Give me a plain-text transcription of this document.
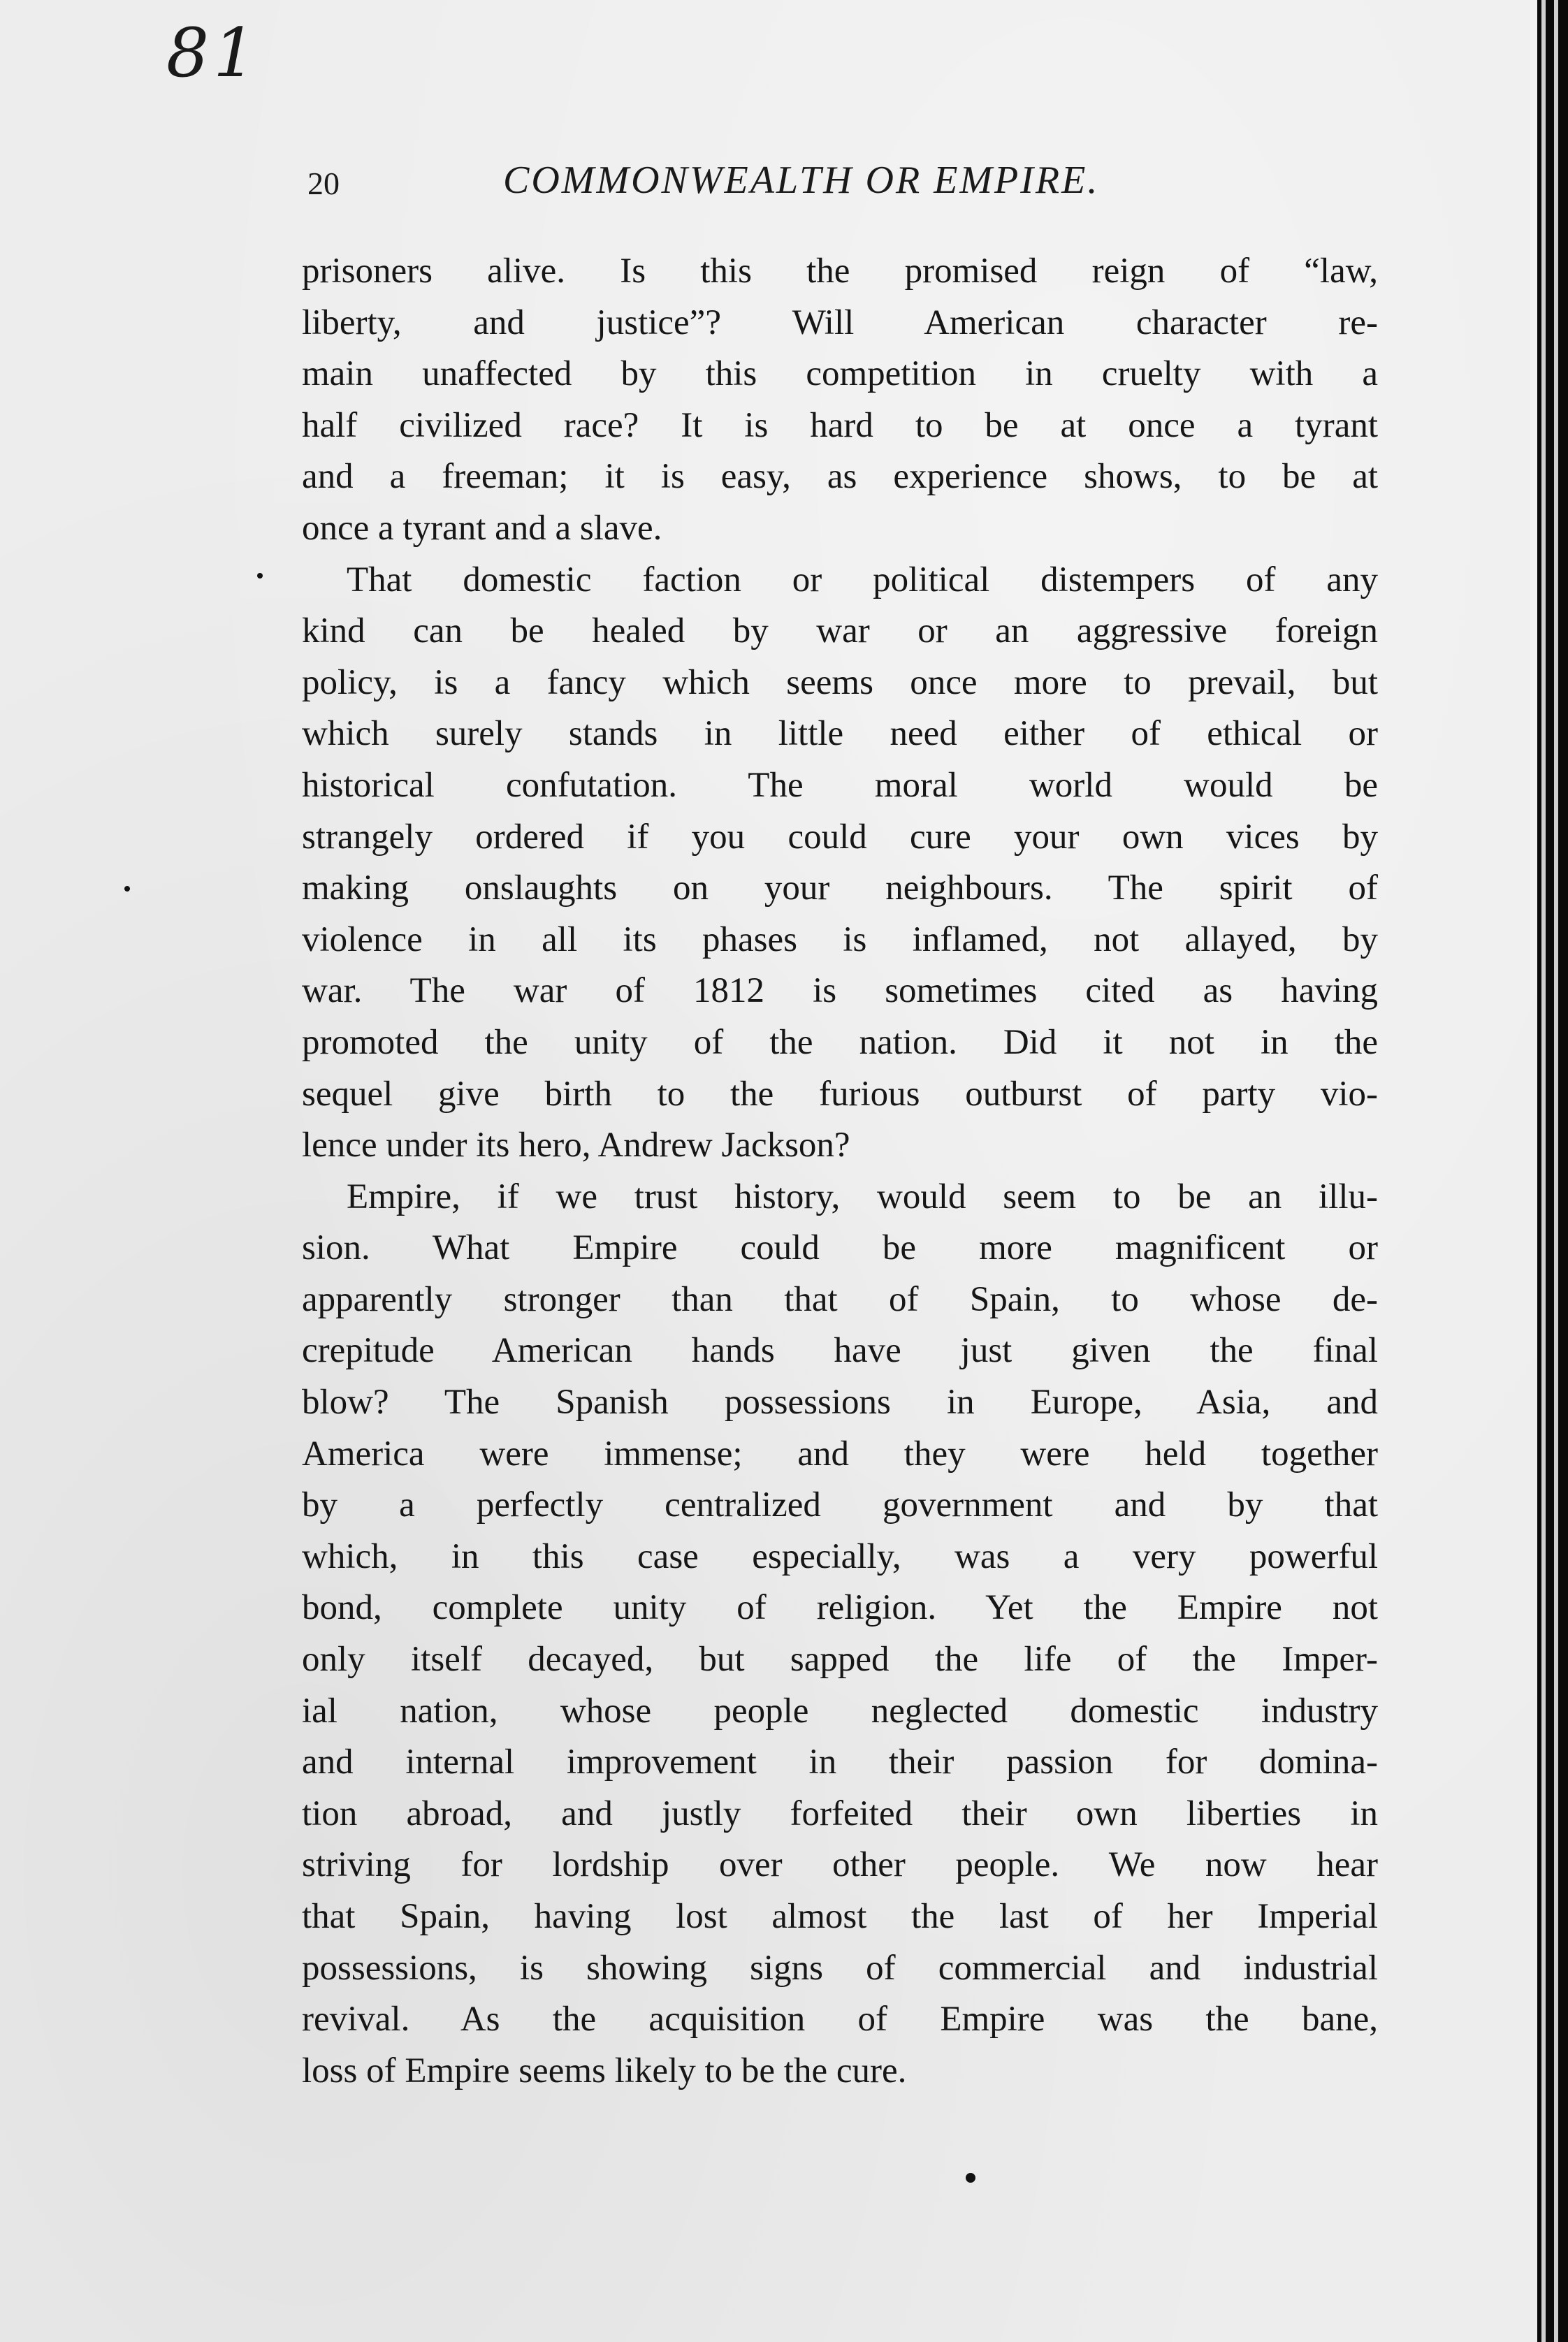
81
20	COMMONWEALTH OR EMPIRE.
prisoners alive. Is this the promised reign of “law,
liberty, and justice”? Will American character re-
main unaffected by this competition in cruelty with a
half civilized race? It is hard to be at once a tyrant
and a freeman; it is easy, as experience shows, to be at
once a tyrant and a slave.
That domestic faction or political distempers of any
kind can be healed by war or an aggressive foreign
policy, is a fancy which seems once more to prevail, but
which surely stands in little need either of ethical or
historical confutation. The moral world would be
strangely ordered if you could cure your own vices by
making onslaughts on your neighbours. The spirit of
violence in all its phases is inflamed, not allayed, by
war. The war of 1812 is sometimes cited as having
promoted the unity of the nation. Did it not in the
sequel give birth to the furious outburst of party vio-
lence under its hero, Andrew Jackson?
Empire, if we trust history, would seem to be an illu-
sion. What Empire could be more magnificent or
apparently stronger than that of Spain, to whose de-
crepitude American hands have just given the final
blow? The Spanish possessions in Europe, Asia, and
America were immense; and they were held together
by a perfectly centralized government and by that
which, in this case especially, was a very powerful
bond, complete unity of religion. Yet the Empire not
only itself decayed, but sapped the life of the Imper-
ial nation, whose people neglected domestic industry
and internal improvement in their passion for domina-
tion abroad, and justly forfeited their own liberties in
striving for lordship over other people. We now hear
that Spain, having lost almost the last of her Imperial
possessions, is showing signs of commercial and industrial
revival. As the acquisition of Empire was the bane,
loss of Empire seems likely to be the cure.
